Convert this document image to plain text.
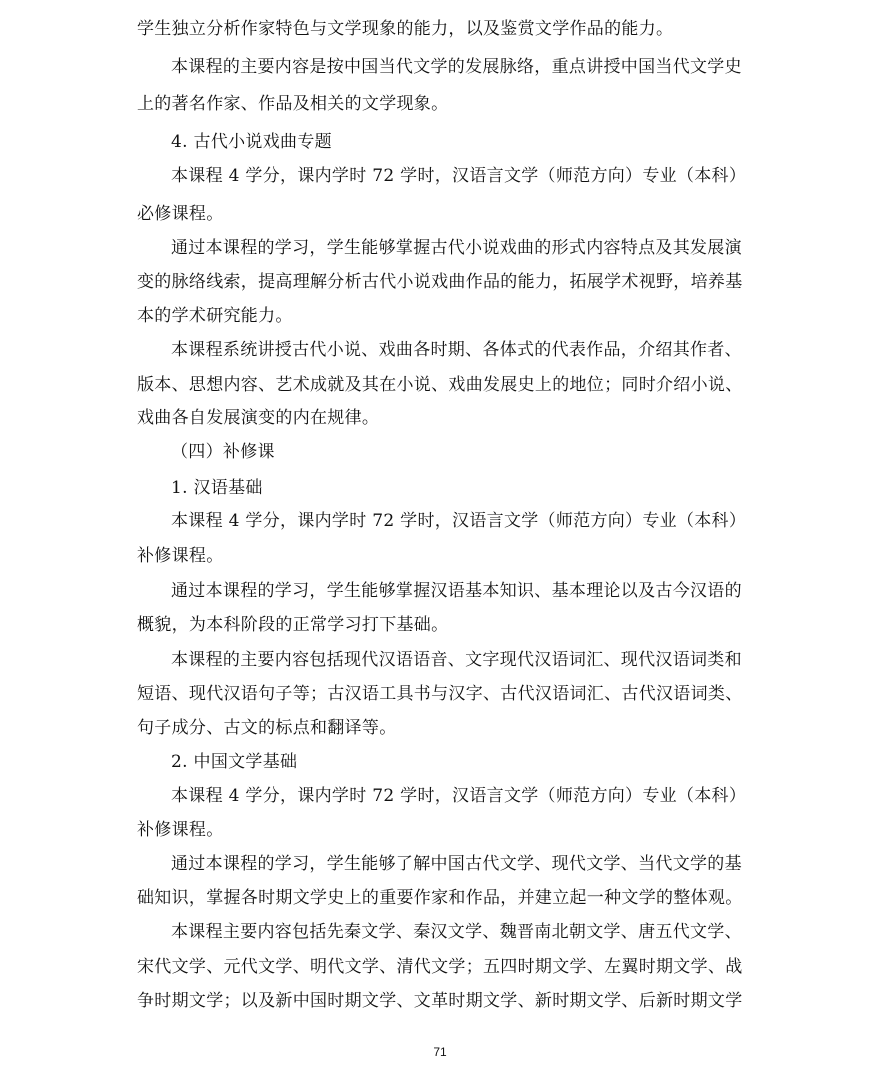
学生独立分析作家特色与文学现象的能力，以及鉴赏文学作品的能力。
本课程的主要内容是按中国当代文学的发展脉络，重点讲授中国当代文学史
上的著名作家、作品及相关的文学现象。
4. 古代小说戏曲专题
本课程 4 学分，课内学时 72 学时，汉语言文学（师范方向）专业（本科）
必修课程。
通过本课程的学习，学生能够掌握古代小说戏曲的形式内容特点及其发展演
变的脉络线索，提高理解分析古代小说戏曲作品的能力，拓展学术视野，培养基
本的学术研究能力。
本课程系统讲授古代小说、戏曲各时期、各体式的代表作品，介绍其作者、
版本、思想内容、艺术成就及其在小说、戏曲发展史上的地位；同时介绍小说、
戏曲各自发展演变的内在规律。
（四）补修课
1. 汉语基础
本课程 4 学分，课内学时 72 学时，汉语言文学（师范方向）专业（本科）
补修课程。
通过本课程的学习，学生能够掌握汉语基本知识、基本理论以及古今汉语的
概貌，为本科阶段的正常学习打下基础。
本课程的主要内容包括现代汉语语音、文字现代汉语词汇、现代汉语词类和
短语、现代汉语句子等；古汉语工具书与汉字、古代汉语词汇、古代汉语词类、
句子成分、古文的标点和翻译等。
2. 中国文学基础
本课程 4 学分，课内学时 72 学时，汉语言文学（师范方向）专业（本科）
补修课程。
通过本课程的学习，学生能够了解中国古代文学、现代文学、当代文学的基
础知识，掌握各时期文学史上的重要作家和作品，并建立起一种文学的整体观。
本课程主要内容包括先秦文学、秦汉文学、魏晋南北朝文学、唐五代文学、
宋代文学、元代文学、明代文学、清代文学；五四时期文学、左翼时期文学、战
争时期文学；以及新中国时期文学、文革时期文学、新时期文学、后新时期文学
71
